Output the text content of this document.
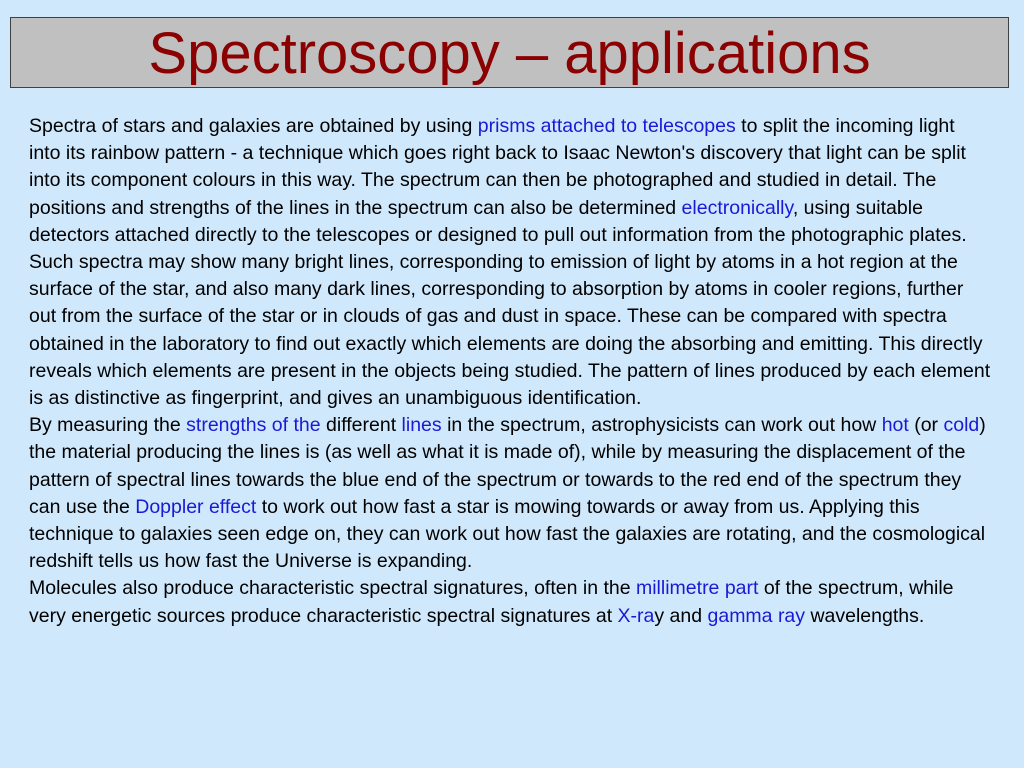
Spectroscopy – applications

Spectra of stars and galaxies are obtained by using prisms attached to telescopes to split the incoming light into its rainbow pattern - a technique which goes right back to Isaac Newton's discovery that light can be split into its component colours in this way. The spectrum can then be photographed and studied in detail. The positions and strengths of the lines in the spectrum can also be determined electronically, using suitable detectors attached directly to the telescopes or designed to pull out information from the photographic plates. Such spectra may show many bright lines, corresponding to emission of light by atoms in a hot region at the surface of the star, and also many dark lines, corresponding to absorption by atoms in cooler regions, further out from the surface of the star or in clouds of gas and dust in space. These can be compared with spectra obtained in the laboratory to find out exactly which elements are doing the absorbing and emitting. This directly reveals which elements are present in the objects being studied. The pattern of lines produced by each element is as distinctive as fingerprint, and gives an unambiguous identification.

By measuring the strengths of the different lines in the spectrum, astrophysicists can work out how hot (or cold) the material producing the lines is (as well as what it is made of), while by measuring the displacement of the pattern of spectral lines towards the blue end of the spectrum or towards to the red end of the spectrum they can use the Doppler effect to work out how fast a star is mowing towards or away from us. Applying this technique to galaxies seen edge on, they can work out how fast the galaxies are rotating, and the cosmological redshift tells us how fast the Universe is expanding.

Molecules also produce characteristic spectral signatures, often in the millimetre part of the spectrum, while very energetic sources produce characteristic spectral signatures at X-ray and gamma ray wavelengths.
